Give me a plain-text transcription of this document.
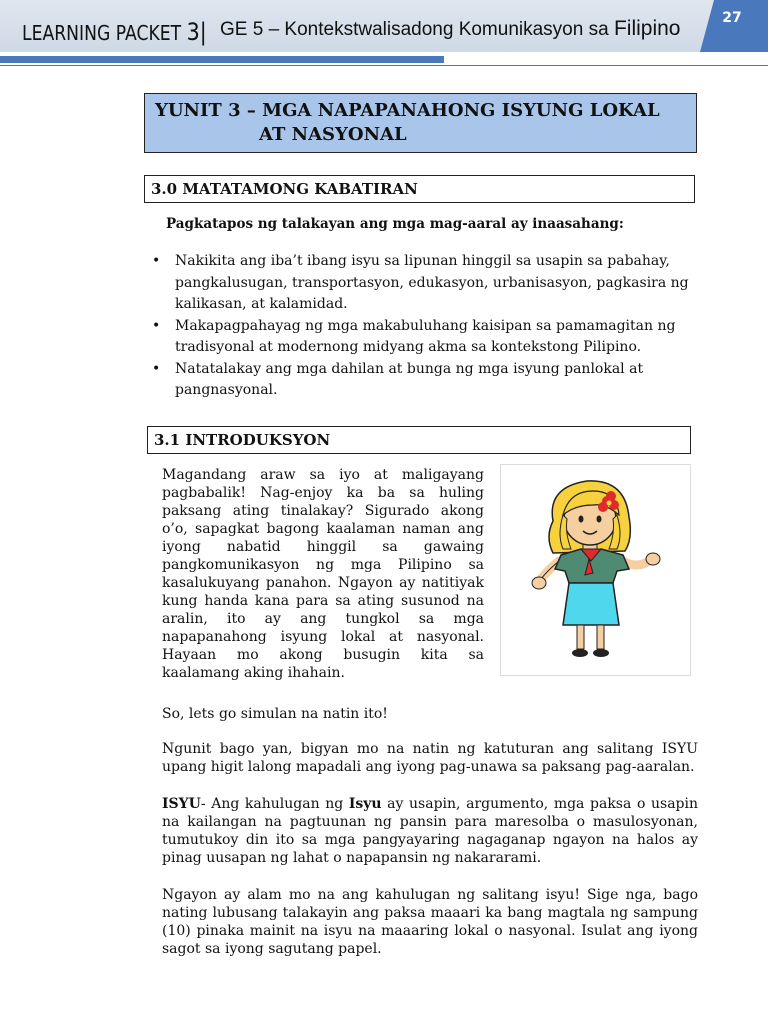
27
LEARNING PACKET 3| GE 5 – Kontekstwalisadong Komunikasyon sa Filipino
YUNIT 3 – MGA NAPAPANAHONG ISYUNG LOKAL
AT NASYONAL
3.0 MATATAMONG KABATIRAN
Pagkatapos ng talakayan ang mga mag-aaral ay inaasahang:
• Nakikita ang iba’t ibang isyu sa lipunan hinggil sa usapin sa pabahay, pangkalusugan, transportasyon, edukasyon, urbanisasyon, pagkasira ng kalikasan, at kalamidad.
• Makapagpahayag ng mga makabuluhang kaisipan sa pamamagitan ng tradisyonal at modernong midyang akma sa kontekstong Pilipino.
• Natatalakay ang mga dahilan at bunga ng mga isyung panlokal at pangnasyonal.
3.1 INTRODUKSYON

Magandang araw sa iyo at maligayang pagbabalik! Nag-enjoy ka ba sa huling paksang ating tinalakay? Sigurado akong o’o, sapagkat bagong kaalaman naman ang iyong nabatid hinggil sa gawaing pangkomunikasyon ng mga Pilipino sa kasalukuyang panahon. Ngayon ay natitiyak kung handa kana para sa ating susunod na aralin, ito ay ang tungkol sa mga napapanahong isyung lokal at nasyonal. Hayaan mo akong busugin kita sa kaalamang aking ihahain.

So, lets go simulan na natin ito!

Ngunit bago yan, bigyan mo na natin ng katuturan ang salitang ISYU upang higit lalong mapadali ang iyong pag-unawa sa paksang pag-aaralan.

ISYU- Ang kahulugan ng Isyu ay usapin, argumento, mga paksa o usapin na kailangan na pagtuunan ng pansin para maresolba o masulosyonan, tumutukoy din ito sa mga pangyayaring nagaganap ngayon na halos ay pinag uusapan ng lahat o napapansin ng nakararami.

Ngayon ay alam mo na ang kahulugan ng salitang isyu! Sige nga, bago nating lubusang talakayin ang paksa maaari ka bang magtala ng sampung (10) pinaka mainit na isyu na maaaring lokal o nasyonal. Isulat ang iyong sagot sa iyong sagutang papel.
